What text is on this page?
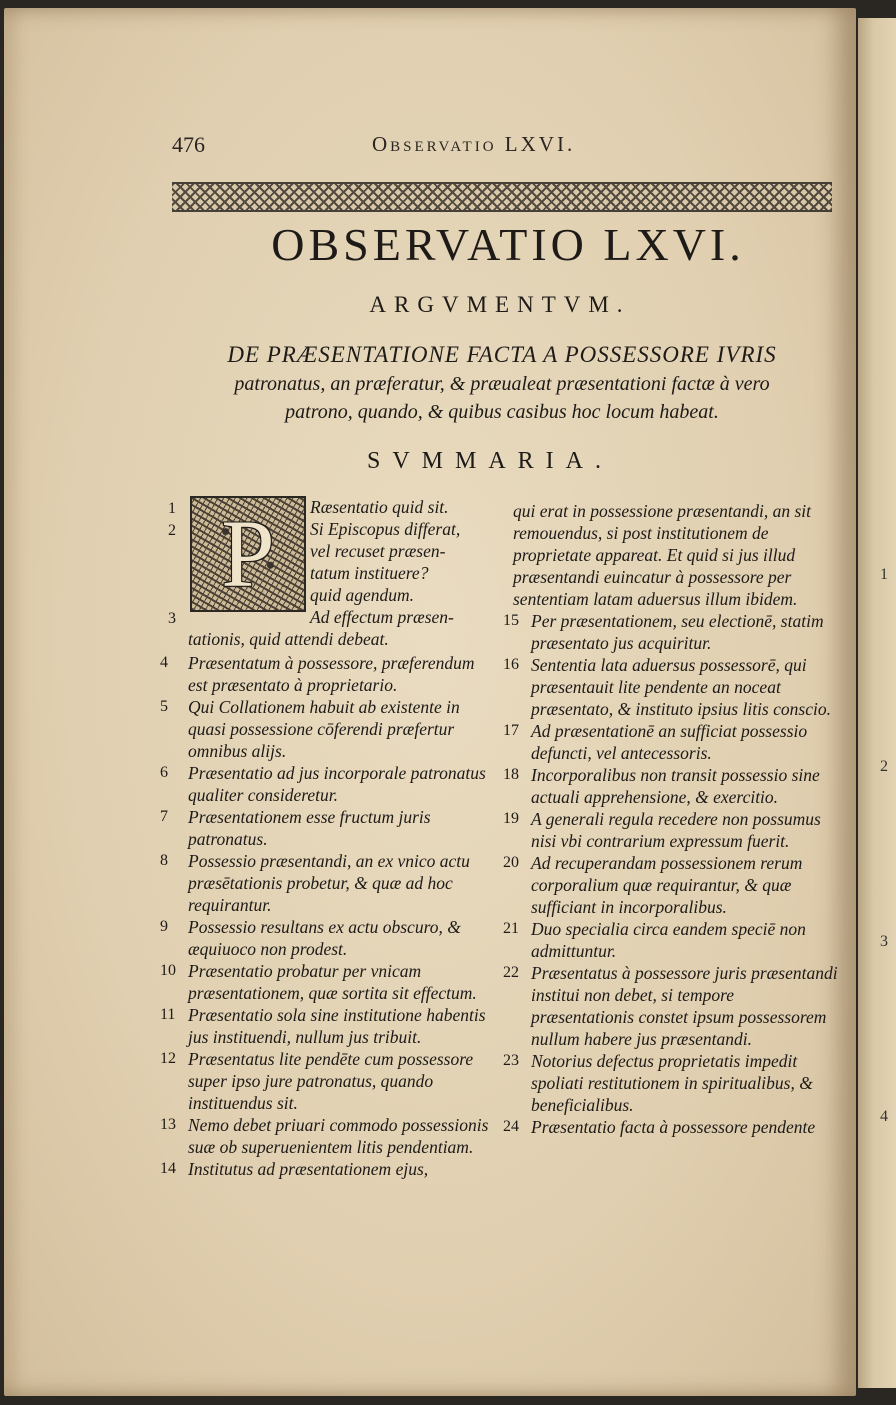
1
2
3
4
476	Observatio LXVI.
OBSERVATIO LXVI.
ARGVMENTVM.
DE PRÆSENTATIONE FACTA A POSSESSORE IVRIS
patronatus, an præferatur, & præualeat præsentationi factæ à vero
patrono, quando, & quibus casibus hoc locum habeat.
SVMMARIA.
P
1
2
3
Ræsentatio quid sit.
Si Episcopus differat,
vel recuset præsen-
tatum instituere?
quid agendum.
Ad effectum præsen-
tationis, quid attendi debeat.
4 Præsentatum à possessore, præferendum est præsentato à proprietario.
5 Qui Collationem habuit ab existente in quasi possessione cōferendi præfertur omnibus alijs.
6 Præsentatio ad jus incorporale patronatus qualiter consideretur.
7 Præsentationem esse fructum juris patronatus.
8 Possessio præsentandi, an ex vnico actu præsētationis probetur, & quæ ad hoc requirantur.
9 Possessio resultans ex actu obscuro, & æquiuoco non prodest.
10 Præsentatio probatur per vnicam præsentationem, quæ sortita sit effectum.
11 Præsentatio sola sine institutione habentis jus instituendi, nullum jus tribuit.
12 Præsentatus lite pendēte cum possessore super ipso jure patronatus, quando instituendus sit.
13 Nemo debet priuari commodo possessionis suæ ob superuenientem litis pendentiam.
14 Institutus ad præsentationem ejus,
qui erat in possessione præsentandi, an sit remouendus, si post institutionem de proprietate appareat. Et quid si jus illud præsentandi euincatur à possessore per sententiam latam aduersus illum ibidem.
15 Per præsentationem, seu electionē, statim præsentato jus acquiritur.
16 Sententia lata aduersus possessorē, qui præsentauit lite pendente an noceat præsentato, & instituto ipsius litis conscio.
17 Ad præsentationē an sufficiat possessio defuncti, vel antecessoris.
18 Incorporalibus non transit possessio sine actuali apprehensione, & exercitio.
19 A generali regula recedere non possumus nisi vbi contrarium expressum fuerit.
20 Ad recuperandam possessionem rerum corporalium quæ requirantur, & quæ sufficiant in incorporalibus.
21 Duo specialia circa eandem speciē non admittuntur.
22 Præsentatus à possessore juris præsentandi institui non debet, si tempore præsentationis constet ipsum possessorem nullum habere jus præsentandi.
23 Notorius defectus proprietatis impedit spoliati restitutionem in spiritualibus, & beneficialibus.
24 Præsentatio facta à possessore pendente
